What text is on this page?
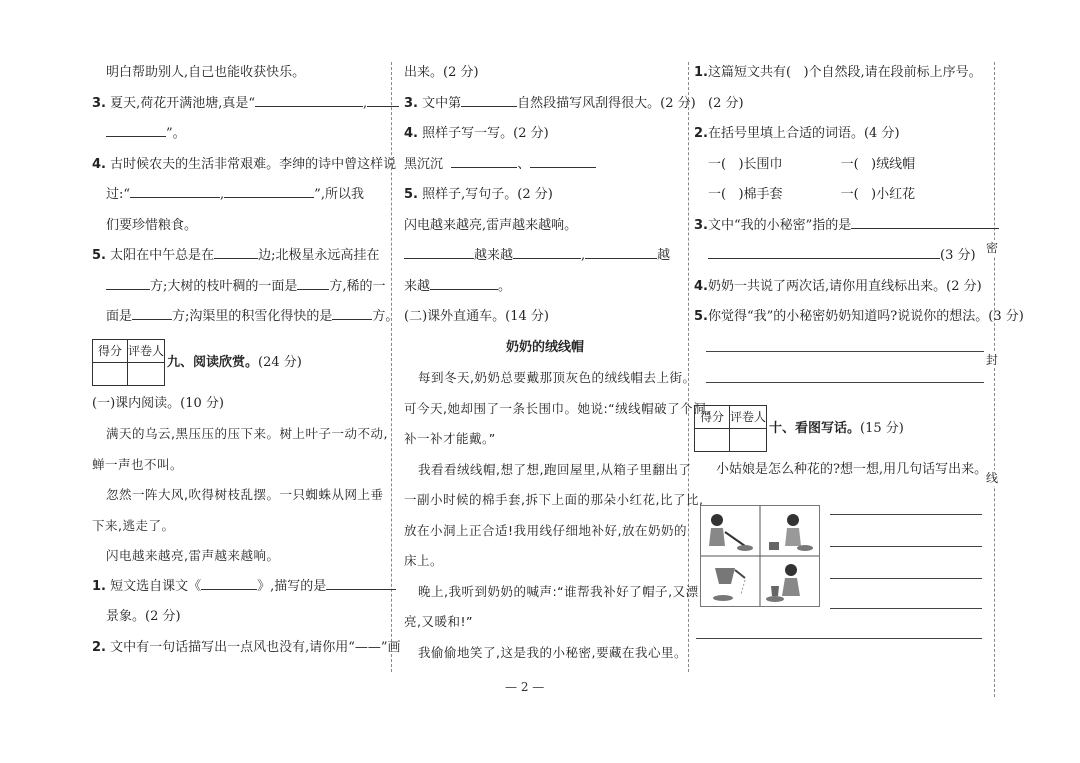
密
封
线
明白帮助别人,自己也能收获快乐。
3. 夏天,荷花开满池塘,真是“	,
”。
4. 古时候农夫的生活非常艰难。李绅的诗中曾这样说
过:“	,	”,所以我
们要珍惜粮食。
5. 太阳在中午总是在	边;北极星永远高挂在
方;大树的枝叶稠的一面是 方,稀的一
面是	方;沟渠里的积雪化得快的是	方。
得分	评卷人
	九、阅读欣赏。(24 分)
(一)课内阅读。(10 分)
满天的乌云,黑压压的压下来。树上叶子一动不动,
蝉一声也不叫。
忽然一阵大风,吹得树枝乱摆。一只蜘蛛从网上垂
下来,逃走了。
闪电越来越亮,雷声越来越响。
1. 短文选自课文《	》,描写的是
景象。(2 分)
2. 文中有一句话描写出一点风也没有,请你用“——”画
出来。(2 分)
3. 文中第	自然段描写风刮得很大。(2 分)
4. 照样子写一写。(2 分)
黑沉沉	、
5. 照样子,写句子。(2 分)
闪电越来越亮,雷声越来越响。
越来越	,	越
来越	。
(二)课外直通车。(14 分)
奶奶的绒线帽
每到冬天,奶奶总要戴那顶灰色的绒线帽去上街。
可今天,她却围了一条长围巾。她说:“绒线帽破了个洞,
补一补才能戴。”
我看看绒线帽,想了想,跑回屋里,从箱子里翻出了
一副小时候的棉手套,拆下上面的那朵小红花,比了比,
放在小洞上正合适!我用线仔细地补好,放在奶奶的
床上。
晚上,我听到奶奶的喊声:“谁帮我补好了帽子,又漂
亮,又暖和!”
我偷偷地笑了,这是我的小秘密,要藏在我心里。
1.这篇短文共有( )个自然段,请在段前标上序号。
(2 分)
2.在括号里填上合适的词语。(4 分)
一( )长围巾	一( )绒线帽
一( )棉手套	一( )小红花
3.文中“我的小秘密”指的是
(3 分)
4.奶奶一共说了两次话,请你用直线标出来。(2 分)
5.你觉得“我”的小秘密奶奶知道吗?说说你的想法。(3 分)
得分	评卷人
	十、看图写话。(15 分)
小姑娘是怎么种花的?想一想,用几句话写出来。
— 2 —
